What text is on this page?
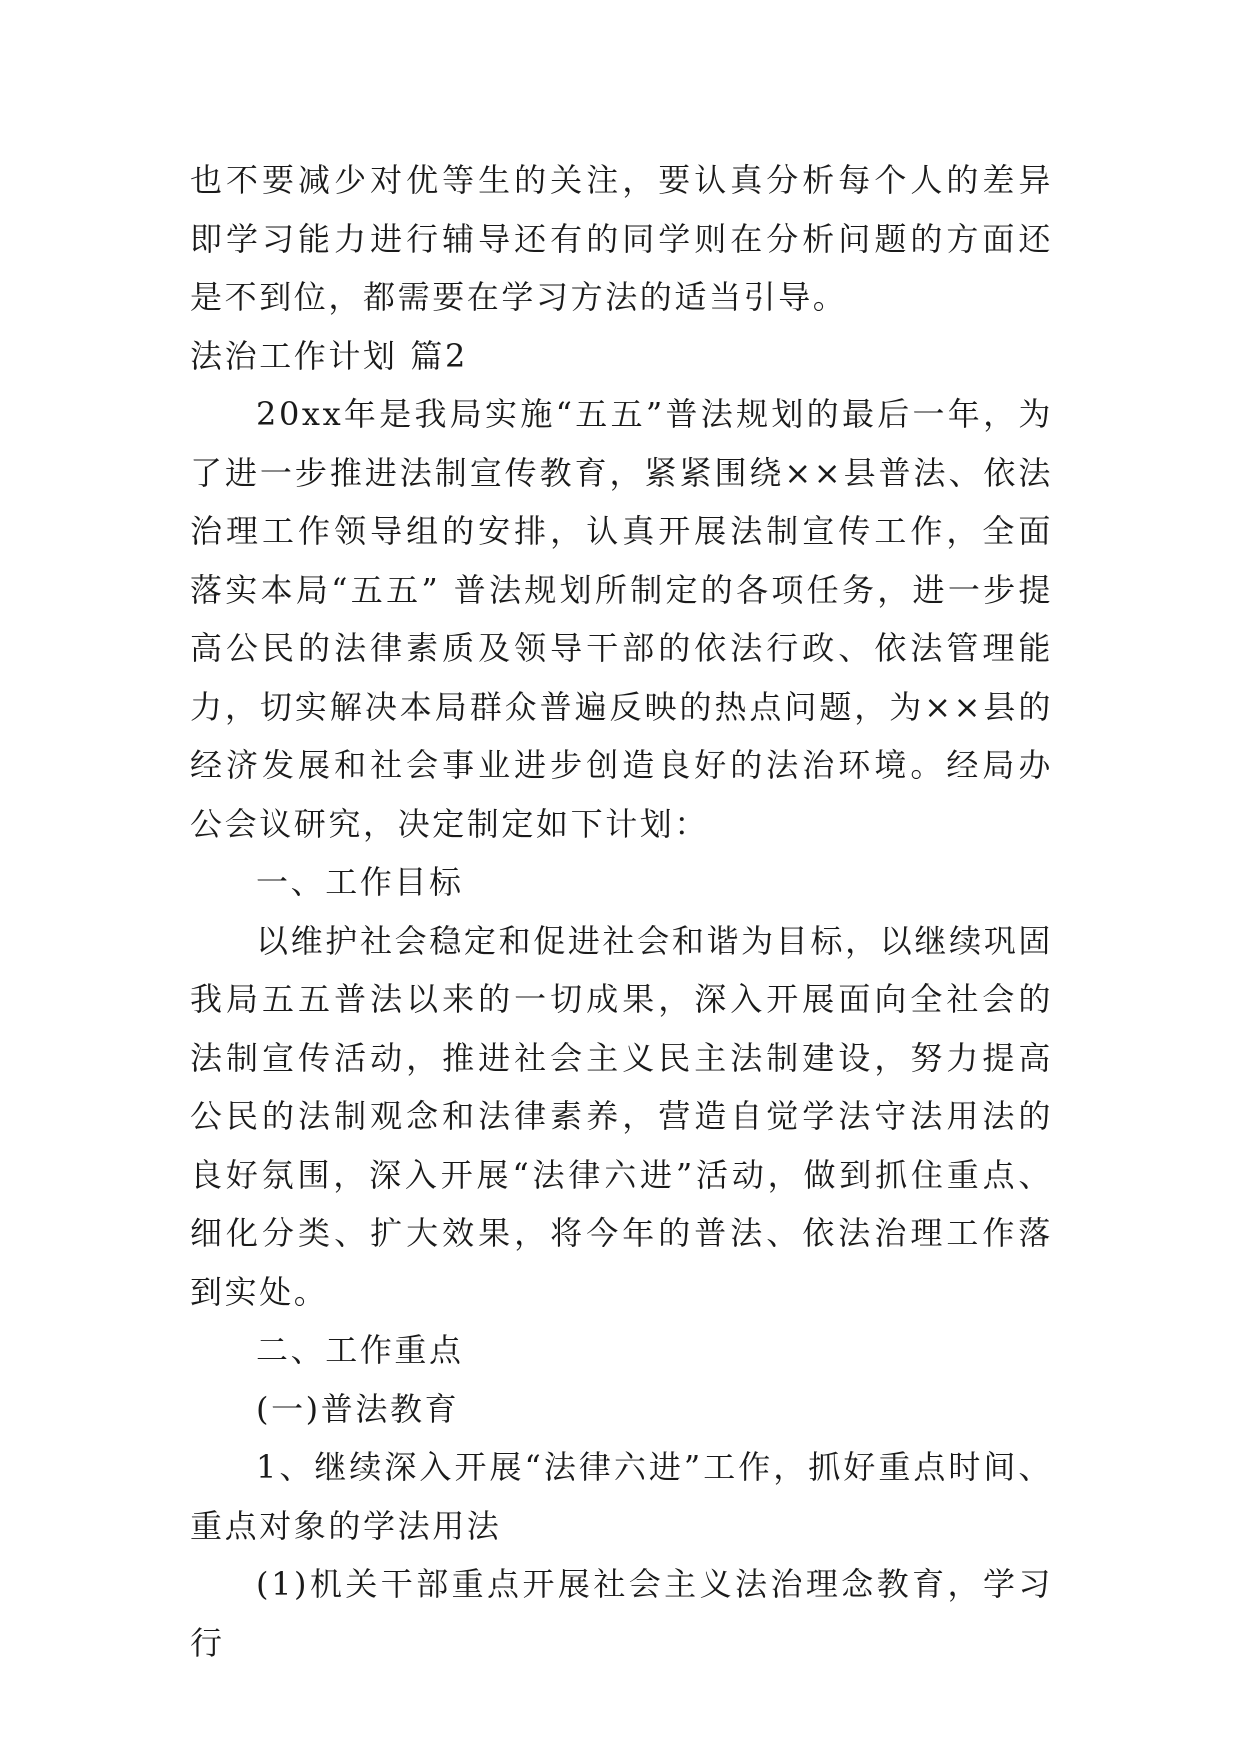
也不要减少对优等生的关注，要认真分析每个人的差异即学习能力进行辅导还有的同学则在分析问题的方面还是不到位，都需要在学习方法的适当引导。

法治工作计划 篇2

20xx年是我局实施“五五”普法规划的最后一年，为了进一步推进法制宣传教育，紧紧围绕××县普法、依法治理工作领导组的安排，认真开展法制宣传工作，全面落实本局“五五” 普法规划所制定的各项任务，进一步提高公民的法律素质及领导干部的依法行政、依法管理能力，切实解决本局群众普遍反映的热点问题，为××县的经济发展和社会事业进步创造良好的法治环境。经局办公会议研究，决定制定如下计划：

一、工作目标

以维护社会稳定和促进社会和谐为目标，以继续巩固我局五五普法以来的一切成果，深入开展面向全社会的法制宣传活动，推进社会主义民主法制建设，努力提高公民的法制观念和法律素养，营造自觉学法守法用法的良好氛围，深入开展“法律六进”活动，做到抓住重点、细化分类、扩大效果，将今年的普法、依法治理工作落到实处。

二、工作重点

(一)普法教育

1、继续深入开展“法律六进”工作，抓好重点时间、重点对象的学法用法

(1)机关干部重点开展社会主义法治理念教育，学习行
